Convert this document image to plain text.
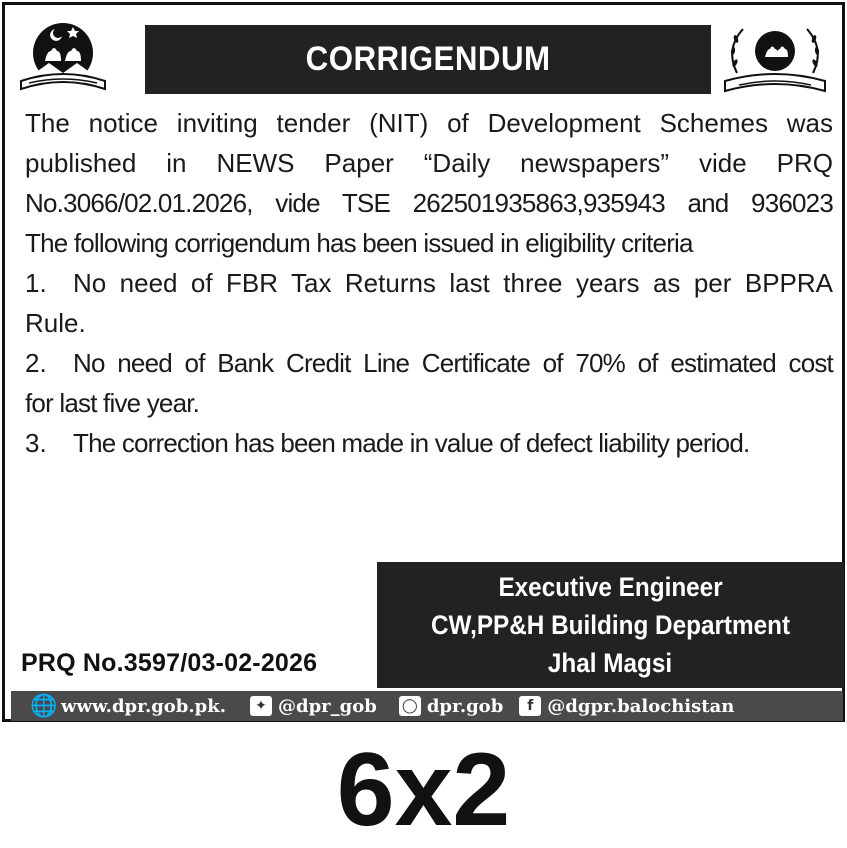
CORRIGENDUM
The notice inviting tender (NIT) of Development Schemes was
published in NEWS Paper “Daily newspapers” vide PRQ
No.3066/02.01.2026, vide TSE 262501935863,935943 and 936023
The following corrigendum has been issued in eligibility criteria
1.	No need of FBR Tax Returns last three years as per BPPRA
Rule.
2.	No need of Bank Credit Line Certificate of 70% of estimated cost
for last five year.
3.	The correction has been made in value of defect liability period.
Executive Engineer
CW,PP&H Building Department
Jhal Magsi
PRQ No.3597/03-02-2026
🌐 www.dpr.gob.pk.	✦ @dpr_gob ◯ dpr.gob	f @dgpr.balochistan
6x2
